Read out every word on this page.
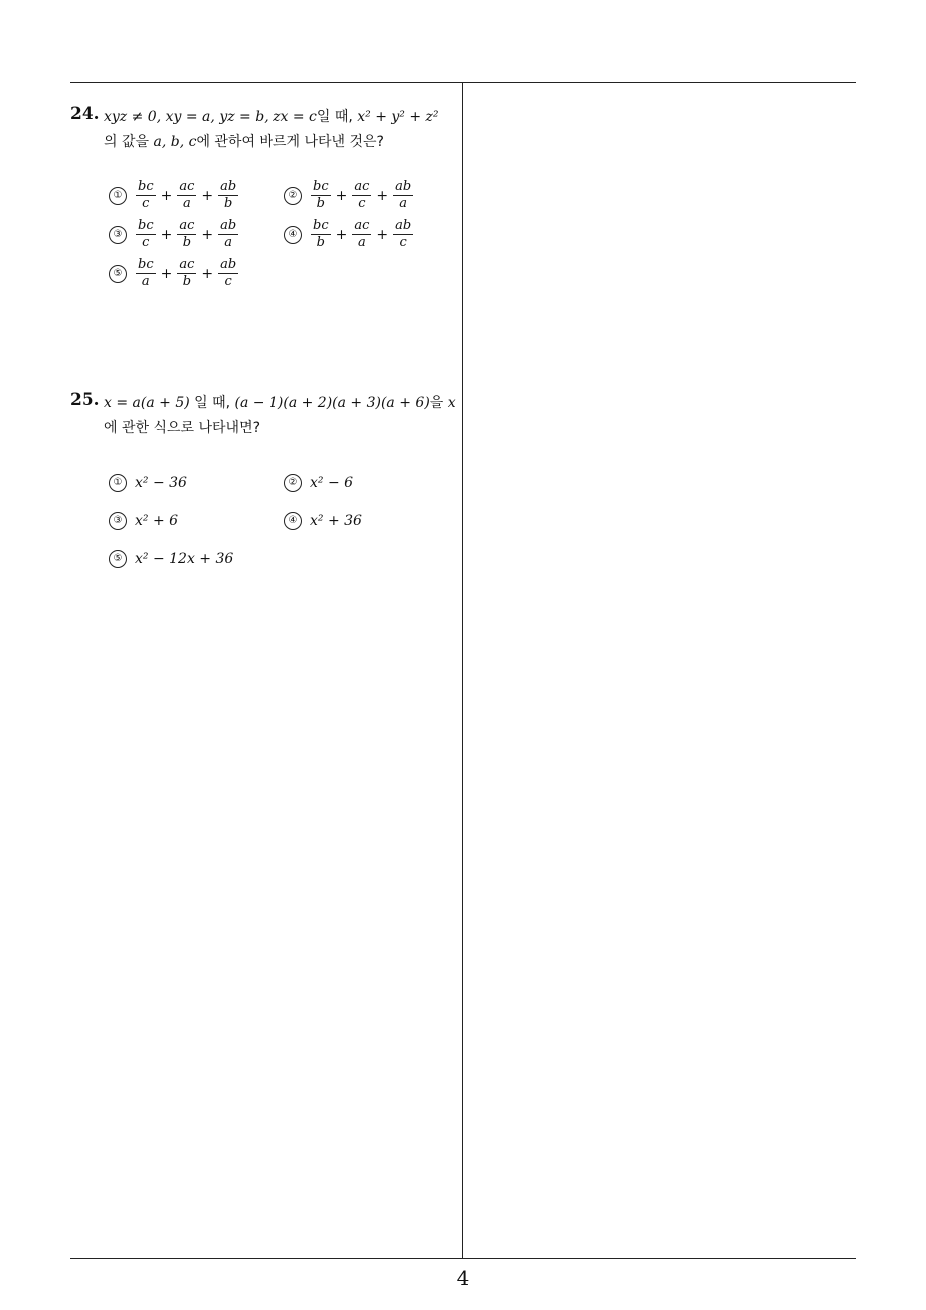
24. xyz ≠ 0, xy = a, yz = b, zx = c일 때, x² + y² + z²
의 값을 a, b, c에 관하여 바르게 나타낸 것은?
①	$\frac{bc}{c} + \frac{ac}{a} + \frac{ab}{b}$	②	$\frac{bc}{b} + \frac{ac}{c} + \frac{ab}{a}$
③	$\frac{bc}{c} + \frac{ac}{b} + \frac{ab}{a}$	④	$\frac{bc}{b} + \frac{ac}{a} + \frac{ab}{c}$
⑤	$\frac{bc}{a} + \frac{ac}{b} + \frac{ab}{c}$
25. x = a(a + 5) 일 때, (a − 1)(a + 2)(a + 3)(a + 6)을 x
에 관한 식으로 나타내면?
① x² − 36	② x² − 6
③ x² + 6	④ x² + 36
⑤ x² − 12x + 36
4
